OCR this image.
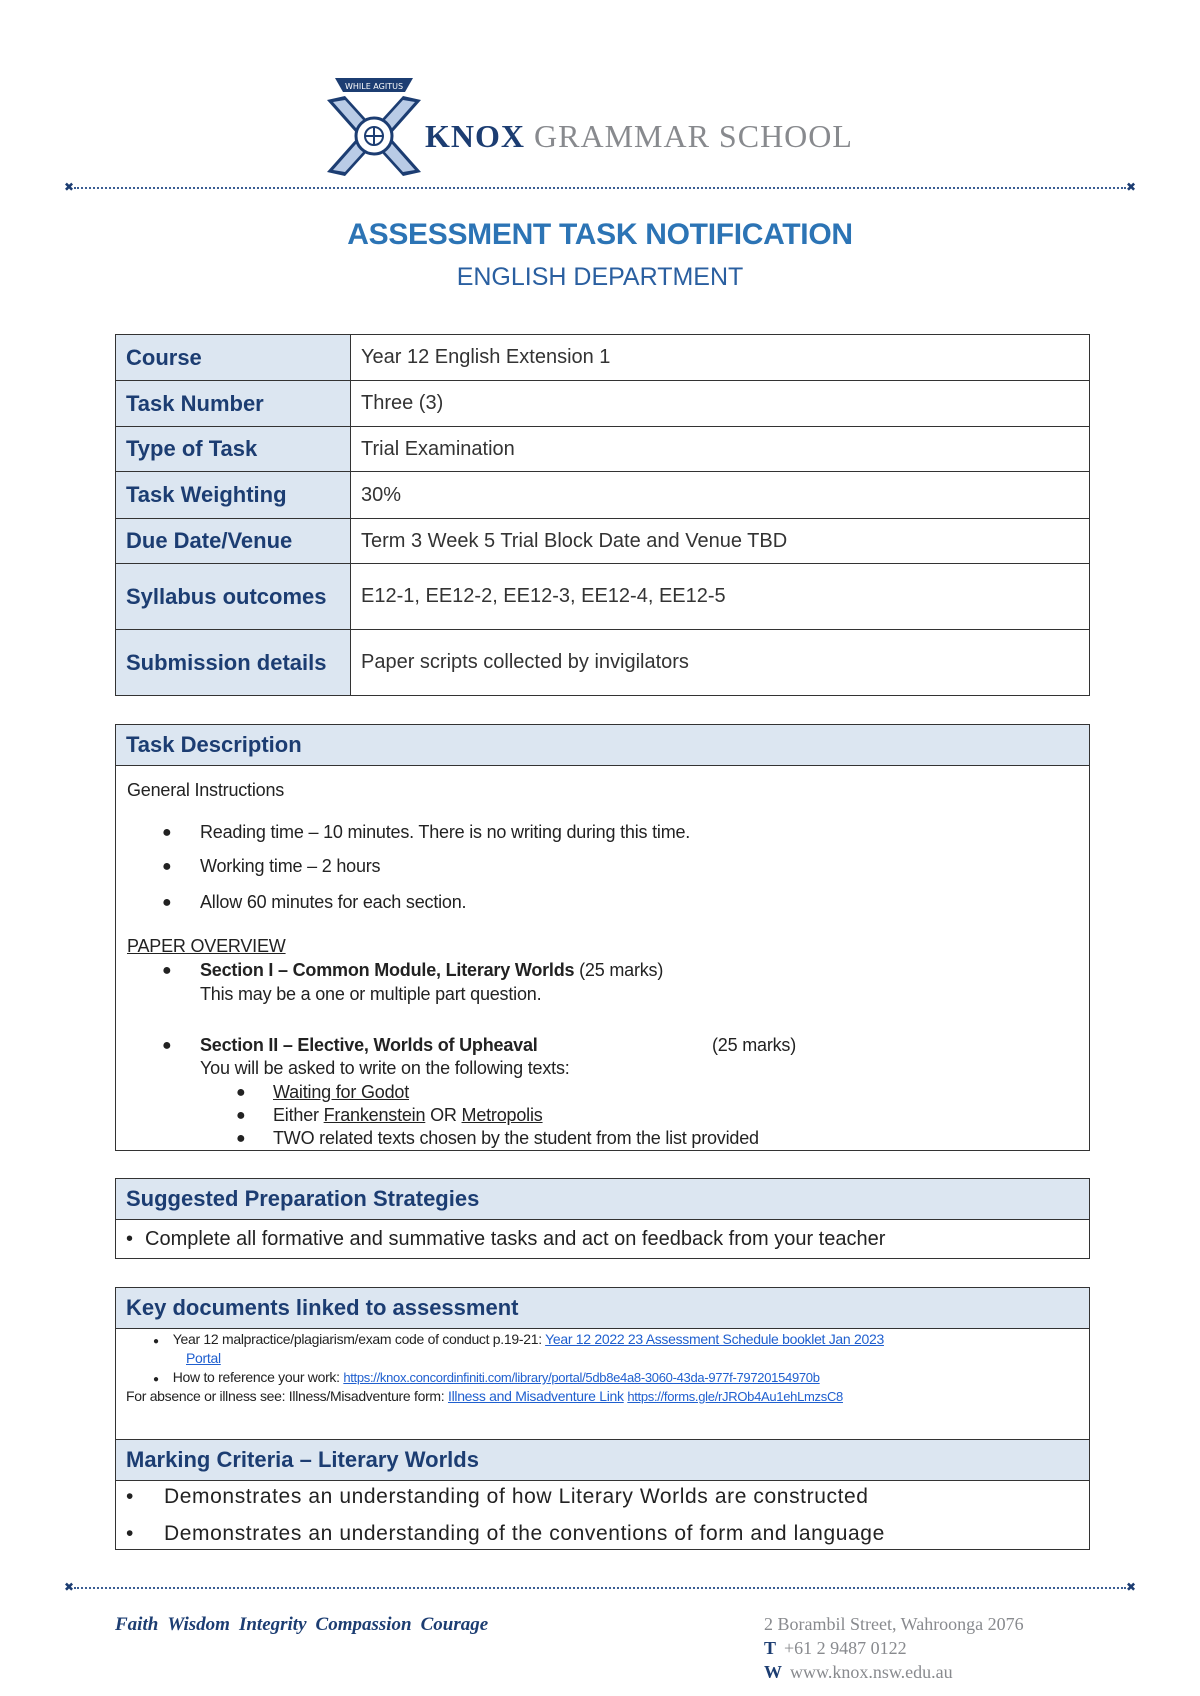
WHILE AGITUS
KNOX GRAMMAR SCHOOL
✖	✖
ASSESSMENT TASK NOTIFICATION
ENGLISH DEPARTMENT
Course	Year 12 English Extension 1
Task Number	Three (3)
Type of Task	Trial Examination
Task Weighting	30%
Due Date/Venue	Term 3 Week 5 Trial Block Date and Venue TBD
Syllabus outcomes	E12-1, EE12-2, EE12-3, EE12-4, EE12-5
Submission details	Paper scripts collected by invigilators
Task Description

General Instructions
● Reading time – 10 minutes. There is no writing during this time.
● Working time – 2 hours
● Allow 60 minutes for each section.
PAPER OVERVIEW
● Section I – Common Module, Literary Worlds (25 marks)
This may be a one or multiple part question.
● Section II – Elective, Worlds of Upheaval	(25 marks)
You will be asked to write on the following texts:
● Waiting for Godot
● Either Frankenstein OR Metropolis
● TWO related texts chosen by the student from the list provided
Suggested Preparation Strategies
• Complete all formative and summative tasks and act on feedback from your teacher
Key documents linked to assessment

● Year 12 malpractice/plagiarism/exam code of conduct p.19-21: Year 12 2022 23 Assessment Schedule booklet Jan 2023
Portal
● How to reference your work: https://knox.concordinfiniti.com/library/portal/5db8e4a8-3060-43da-977f-79720154970b
For absence or illness see: Illness/Misadventure form: Illness and Misadventure Link https://forms.gle/rJROb4Au1ehLmzsC8

Marking Criteria – Literary Worlds

• Demonstrates an understanding of how Literary Worlds are constructed
• Demonstrates an understanding of the conventions of form and language
✖	✖
Faith Wisdom Integrity Compassion Courage	2 Borambil Street, Wahroonga 2076
T +61 2 9487 0122
W www.knox.nsw.edu.au
